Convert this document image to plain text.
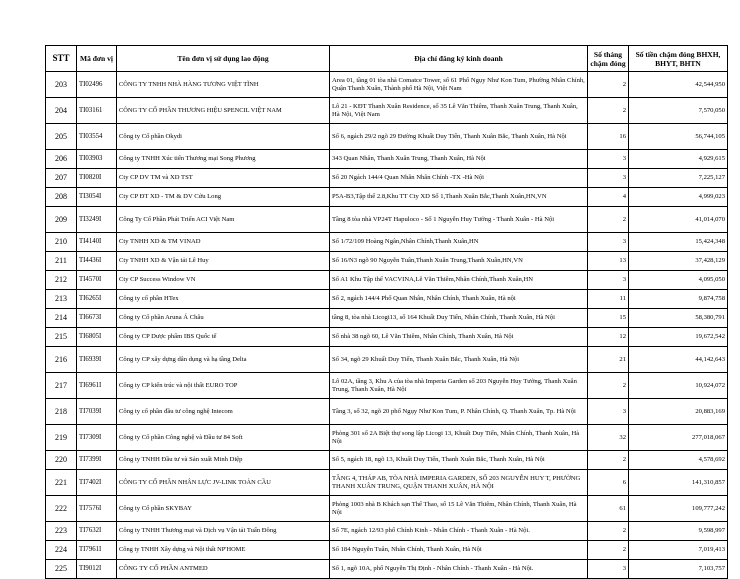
STT	Mã đơn vị	Tên đơn vị sử dụng lao động	Địa chỉ đăng ký kinh doanh	Số tháng chậm đóng	Số tiền chậm đóng BHXH, BHYT, BHTN
203	TI02496	CÔNG TY TNHH NHÀ HÀNG TƯƠNG VIỆT TĨNH	Area 01, tầng 01 tòa nhà Comatce Tower, số 61 Phố Ngụy Như Kon Tum, Phường Nhân Chính, Quận Thanh Xuân, Thành phố Hà Nội, Việt Nam	2	42,544,950
204	TI03161	CÔNG TY CỔ PHẦN THƯƠNG HIỆU SPENCIL VIỆT NAM	Lô 21 - KĐT Thanh Xuân Residence, số 35 Lê Văn Thiêm, Thanh Xuân Trung, Thanh Xuân, Hà Nội, Việt Nam	2	7,570,050
205	TI03554	Công ty Cổ phần Okydi	Số 6, ngách 29/2 ngõ 29 Đường Khuất Duy Tiến, Thanh Xuân Bắc, Thanh Xuân, Hà Nội	16	56,744,105
206	TI03903	Công ty TNHH Xúc tiến Thương mại Song Phương	343 Quan Nhân, Thanh Xuân Trung, Thanh Xuân, Hà Nội	3	4,929,615
207	TI0820I	Cty CP DV TM và XD TST	Số 20 Ngách 144/4 Quan Nhân Nhân Chính -TX -Hà Nội	3	7,225,127
208	TI3054I	Cty CP ĐT XD - TM & DV Cửu Long	P5A-B3,Tập thể 2.8,Khu TT Cty XD Số 1,Thanh Xuân Bắc,Thanh Xuân,HN,VN	4	4,999,023
209	TI3249I	Công Ty Cổ Phần Phát Triển ACI Việt Nam	Tầng 8 tòa nhà VP24T Hapuloco - Số 1 Nguyễn Huy Tưởng - Thanh Xuân - Hà Nội	2	41,014,070
210	TI4140I	Cty TNHH XD & TM VINAD	Số 1/72/109 Hoàng Ngân,Nhân Chính,Thanh Xuân,HN	3	15,424,348
211	TI4436I	Cty TNHH XD & Vận tải Lê Huy	Số 16/N3 ngõ 90 Nguyễn Tuân,Thanh Xuân Trung,Thanh Xuân,HN,VN	13	37,428,129
212	TI4570I	Cty CP Success Window VN	Số A1 Khu Tập thể VACVINA,Lê Văn Thiêm,Nhân Chính,Thanh Xuân,HN	3	4,095,050
213	TI6265I	Công ty cổ phần HTex	Số 2, ngách 144/4 Phố Quan Nhân, Nhân Chính, Thanh Xuân, Hà nội	11	9,874,758
214	TI6673I	Công ty Cổ phần Aruna Á Châu	tầng 8, tòa nhà Licogi13, số 164 Khuất Duy Tiến, Nhân Chính, Thanh Xuân, Hà Nội	15	58,380,791
215	TI6805I	Công ty CP Dược phẩm IBS Quốc tế	Số nhà 38 ngõ 60, Lê Văn Thiêm, Nhân Chính, Thanh Xuân, Hà Nội	12	19,672,542
216	TI6939I	Công ty CP xây dựng dân dụng và hạ tầng Delta	Số 34, ngõ 29 Khuất Duy Tiến, Thanh Xuân Bắc, Thanh Xuân, Hà Nội	21	44,142,643
217	TI6961I	Công ty CP kiến trúc và nội thất EURO TOP	Lô 02A, tầng 3, Khu A của tòa nhà Imperia Garden số 203 Nguyễn Huy Tưởng, Thanh Xuân Trung, Thanh Xuân, Hà Nội	2	10,924,072
218	TI7039I	Công ty cổ phần đầu tư công nghệ Intecom	Tầng 3, số 32, ngõ 20 phố Ngụy Như Kon Tum, P. Nhân Chính, Q. Thanh Xuân, Tp. Hà Nội	3	20,883,169
219	TI7309I	Công ty Cổ phần Công nghệ và Đầu tư 84 Soft	Phòng 301 số 2A Biệt thự song lập Licogi 13, Khuất Duy Tiến, Nhân Chính, Thanh Xuân, Hà Nội	32	277,018,067
220	TI7399I	Công ty TNHH Đầu tư và Sản xuất Minh Diệp	Số 5, ngách 18, ngõ 13, Khuất Duy Tiến, Thanh Xuân Bắc, Thanh Xuân, Hà Nội	2	4,578,692
221	TI7402I	CÔNG TY CỔ PHẦN NHÂN LỰC JV-LINK TOÀN CẦU	TẦNG 4, THÁP AB, TÒA NHÀ IMPERIA GARDEN, SỐ 203 NGUYỄN HUY T, PHƯỜNG THANH XUÂN TRUNG, QUẬN THANH XUÂN, HÀ NỘI	6	141,310,857
222	TI7576I	Công ty Cổ phần SKYBAY	Phòng 1003 nhà B Khách sạn Thể Thao, số 15 Lê Văn Thiêm, Nhân Chính, Thanh Xuân, Hà Nội	61	109,777,242
223	TI7632I	Công ty TNHH Thương mại và Dịch vụ Vận tải Tuấn Đông	Số 7E, ngách 12/93 phố Chính Kinh - Nhân Chính - Thanh Xuân - Hà Nội.	2	9,598,997
224	TI7961I	Công ty TNHH Xây dựng và Nội thất NP'HOME	Số 184 Nguyễn Tuân, Nhân Chính, Thanh Xuân, Hà Nội	2	7,019,413
225	TI9012I	CÔNG TY CỔ PHẦN ANTMED	Số 1, ngõ 10A, phố Nguyễn Thị Định - Nhân Chính - Thanh Xuân - Hà Nội.	3	7,103,757
